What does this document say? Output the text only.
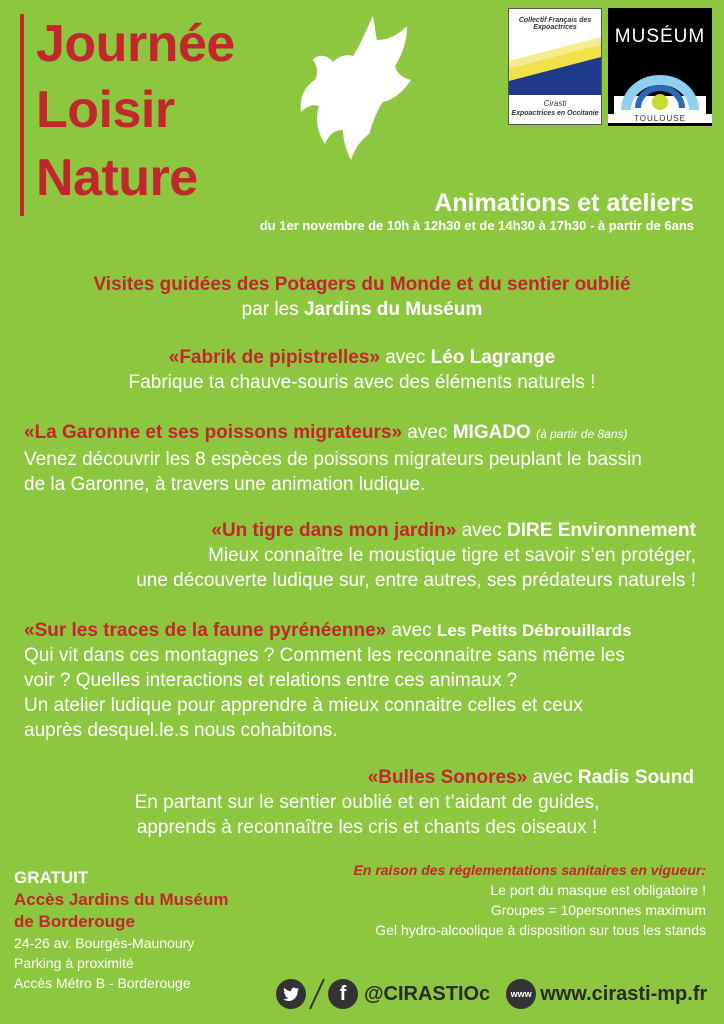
Journée
Loisir
Nature
Collectif Français des Expoactrices
Cirasti
Expoactrices en Occitanie
MUSÉUM
TOULOUSE
Animations et ateliers
du 1er novembre de 10h à 12h30 et de 14h30 à 17h30 - à partir de 6ans
Visites guidées des Potagers du Monde et du sentier oublié
par les Jardins du Muséum
«Fabrik de pipistrelles» avec Léo Lagrange
Fabrique ta chauve-souris avec des éléments naturels !
«La Garonne et ses poissons migrateurs» avec MIGADO (à partir de 8ans)
Venez découvrir les 8 espèces de poissons migrateurs peuplant le bassin
de la Garonne, à travers une animation ludique.
«Un tigre dans mon jardin» avec DIRE Environnement
Mieux connaître le moustique tigre et savoir s’en protéger,
une découverte ludique sur, entre autres, ses prédateurs naturels !
«Sur les traces de la faune pyrénéenne» avec Les Petits Débrouillards
Qui vit dans ces montagnes ? Comment les reconnaitre sans même les
voir ? Quelles interactions et relations entre ces animaux ?
Un atelier ludique pour apprendre à mieux connaitre celles et ceux
auprès desquel.le.s nous cohabitons.
«Bulles Sonores» avec Radis Sound
En partant sur le sentier oublié et en t’aidant de guides,
apprends à reconnaître les cris et chants des oiseaux !
GRATUIT
Accès Jardins du Muséum
de Borderouge
24-26 av. Bourgès-Maunoury
Parking à proximité
Accès Métro B - Borderouge
En raison des réglementations sanitaires en vigueur:
Le port du masque est obligatoire !
Groupes = 10personnes maximum
Gel hydro-alcoolique à disposition sur tous les stands
f @CIRASTIOc	www www.cirasti-mp.fr
